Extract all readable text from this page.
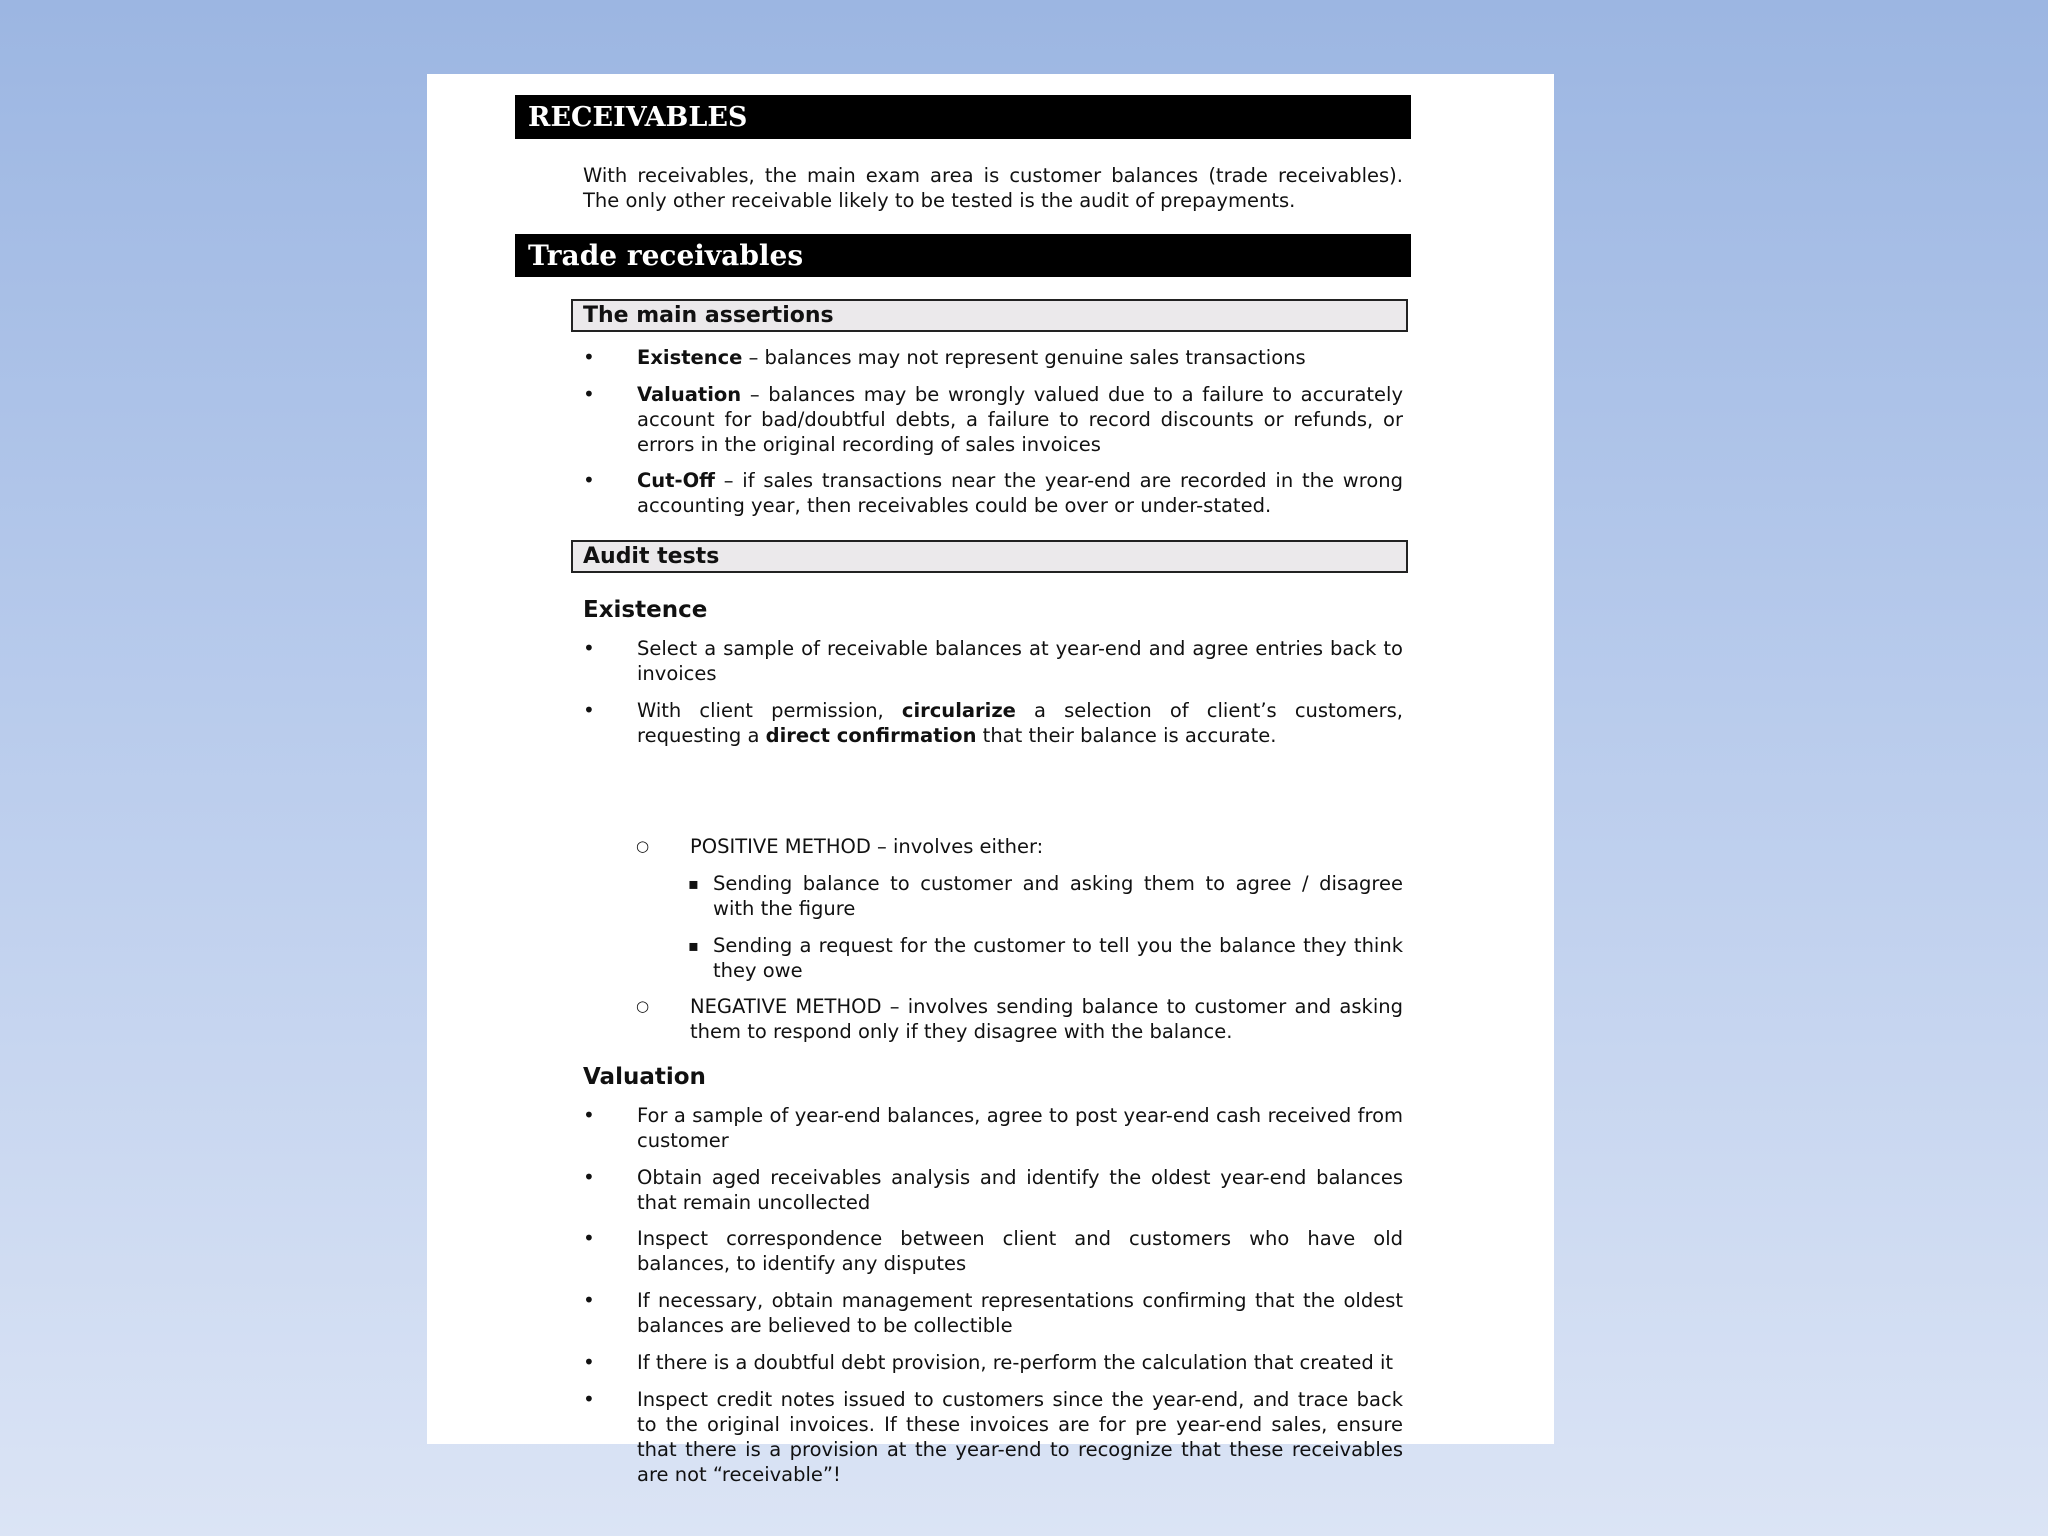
RECEIVABLES

With receivables, the main exam area is customer balances (trade receivables). The only other receivable likely to be tested is the audit of prepayments.

Trade receivables
The main assertions
•	Existence – balances may not represent genuine sales transactions
•	Valuation – balances may be wrongly valued due to a failure to accurately account for bad/doubtful debts, a failure to record discounts or refunds, or errors in the original recording of sales invoices
•	Cut-Off – if sales transactions near the year-end are recorded in the wrong accounting year, then receivables could be over or under-stated.
Audit tests

Existence

•	Select a sample of receivable balances at year-end and agree entries back to invoices
•	With client permission, circularize a selection of client’s customers, requesting a direct confirmation that their balance is accurate.
○ POSITIVE METHOD – involves either:
▪ Sending balance to customer and asking them to agree / disagree with the figure
▪ Sending a request for the customer to tell you the balance they think they owe
○ NEGATIVE METHOD – involves sending balance to customer and asking them to respond only if they disagree with the balance.

Valuation

•	For a sample of year-end balances, agree to post year-end cash received from customer
•	Obtain aged receivables analysis and identify the oldest year-end balances that remain uncollected
•	Inspect correspondence between client and customers who have old balances, to identify any disputes
•	If necessary, obtain management representations confirming that the oldest balances are believed to be collectible
•	If there is a doubtful debt provision, re-perform the calculation that created it
•	Inspect credit notes issued to customers since the year-end, and trace back to the original invoices. If these invoices are for pre year-end sales, ensure that there is a provision at the year-end to recognize that these receivables are not “receivable”!
